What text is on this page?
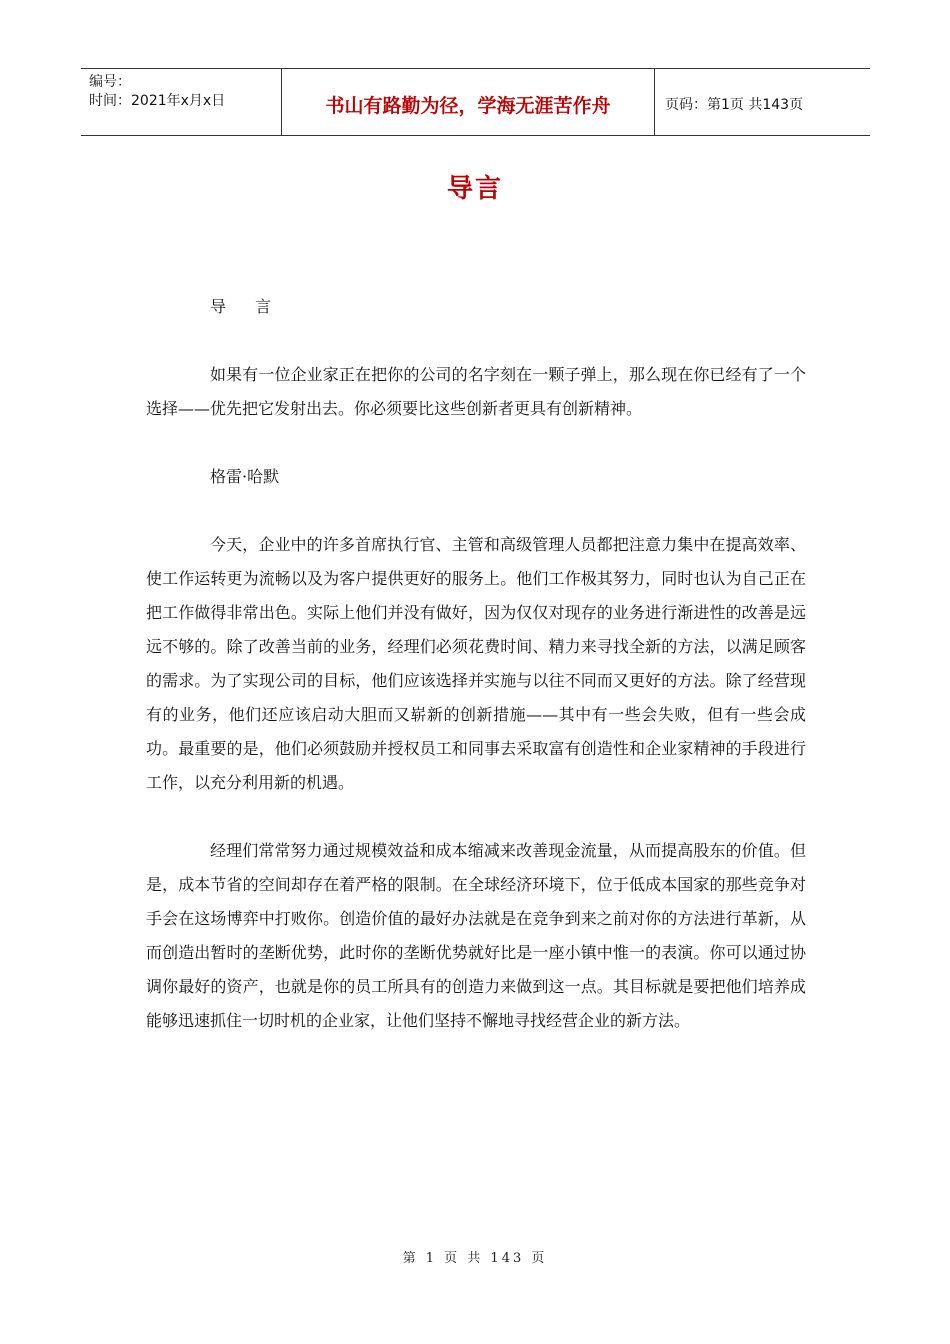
编号：
时间：2021年x月x日	书山有路勤为径，学海无涯苦作舟	页码：第1页 共143页
导言

导 言

如果有一位企业家正在把你的公司的名字刻在一颗子弹上，那么现在你已经有了一个选择——优先把它发射出去。你必须要比这些创新者更具有创新精神。

格雷·哈默

今天，企业中的许多首席执行官、主管和高级管理人员都把注意力集中在提高效率、使工作运转更为流畅以及为客户提供更好的服务上。他们工作极其努力，同时也认为自己正在把工作做得非常出色。实际上他们并没有做好，因为仅仅对现存的业务进行渐进性的改善是远远不够的。除了改善当前的业务，经理们必须花费时间、精力来寻找全新的方法，以满足顾客的需求。为了实现公司的目标，他们应该选择并实施与以往不同而又更好的方法。除了经营现有的业务，他们还应该启动大胆而又崭新的创新措施——其中有一些会失败，但有一些会成功。最重要的是，他们必须鼓励并授权员工和同事去采取富有创造性和企业家精神的手段进行工作，以充分利用新的机遇。

经理们常常努力通过规模效益和成本缩减来改善现金流量，从而提高股东的价值。但是，成本节省的空间却存在着严格的限制。在全球经济环境下，位于低成本国家的那些竞争对手会在这场博弈中打败你。创造价值的最好办法就是在竞争到来之前对你的方法进行革新，从而创造出暂时的垄断优势，此时你的垄断优势就好比是一座小镇中惟一的表演。你可以通过协调你最好的资产，也就是你的员工所具有的创造力来做到这一点。其目标就是要把他们培养成能够迅速抓住一切时机的企业家，让他们坚持不懈地寻找经营企业的新方法。

第 1 页 共 143 页
